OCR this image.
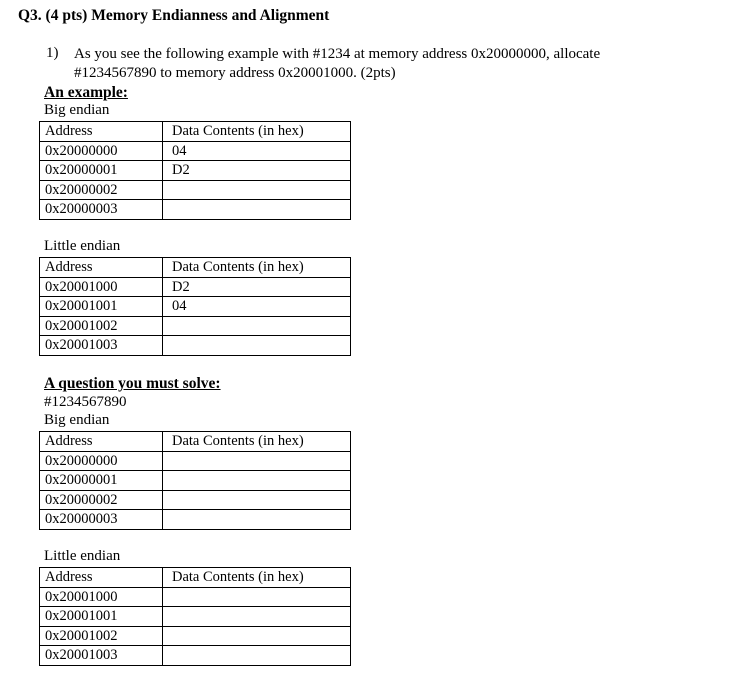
Q3. (4 pts) Memory Endianness and Alignment
1) As you see the following example with #1234 at memory address 0x20000000, allocate
#1234567890 to memory address 0x20001000. (2pts)
An example:
Big endian
Address	Data Contents (in hex)
0x20000000	04
0x20000001	D2
0x20000002	
0x20000003	
Little endian
Address	Data Contents (in hex)
0x20001000	D2
0x20001001	04
0x20001002	
0x20001003	
A question you must solve:
#1234567890
Big endian
Address	Data Contents (in hex)
0x20000000	
0x20000001	
0x20000002	
0x20000003	
Little endian
Address	Data Contents (in hex)
0x20001000	
0x20001001	
0x20001002	
0x20001003	
